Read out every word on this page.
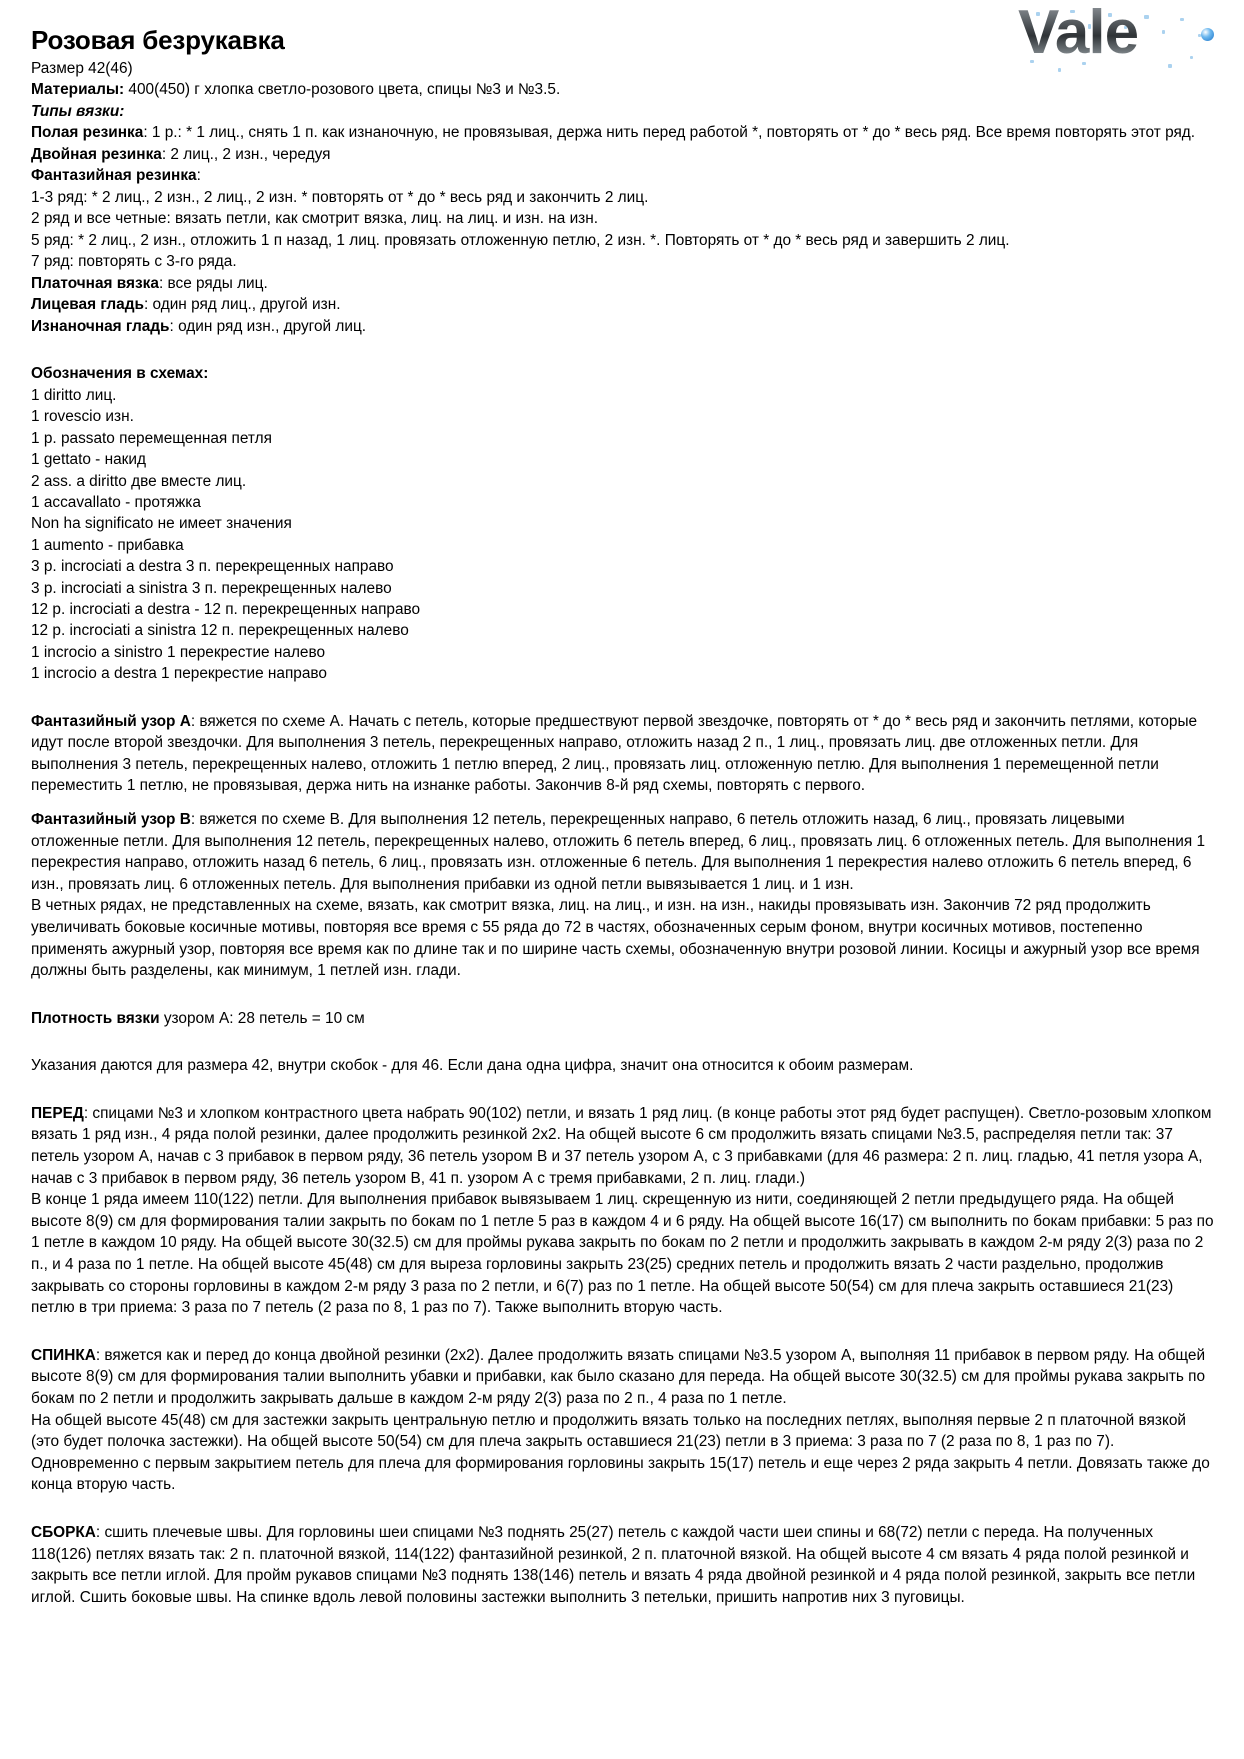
Vale
Розовая безрукавка

Размер 42(46)

Материалы: 400(450) г хлопка светло-розового цвета, спицы №3 и №3.5.

Типы вязки:

Полая резинка: 1 р.: * 1 лиц., снять 1 п. как изнаночную, не провязывая, держа нить перед работой *, повторять от * до * весь ряд. Все время повторять этот ряд.

Двойная резинка: 2 лиц., 2 изн., чередуя

Фантазийная резинка:

1-3 ряд: * 2 лиц., 2 изн., 2 лиц., 2 изн. * повторять от * до * весь ряд и закончить 2 лиц.

2 ряд и все четные: вязать петли, как смотрит вязка, лиц. на лиц. и изн. на изн.

5 ряд: * 2 лиц., 2 изн., отложить 1 п назад, 1 лиц. провязать отложенную петлю, 2 изн. *. Повторять от * до * весь ряд и завершить 2 лиц.

7 ряд: повторять с 3-го ряда.

Платочная вязка: все ряды лиц.

Лицевая гладь: один ряд лиц., другой изн.

Изнаночная гладь: один ряд изн., другой лиц.

Обозначения в схемах:

1 diritto лиц.

1 rovescio изн.

1 p. passato перемещенная петля

1 gettato - накид

2 ass. a diritto две вместе лиц.

1 accavallato - протяжка

Non ha significato не имеет значения

1 aumento - прибавка

3 p. incrociati a destra 3 п. перекрещенных направо

3 p. incrociati a sinistra 3 п. перекрещенных налево

12 p. incrociati a destra - 12 п. перекрещенных направо

12 p. incrociati a sinistra 12 п. перекрещенных налево

1 incrocio a sinistro 1 перекрестие налево

1 incrocio a destra 1 перекрестие направо

Фантазийный узор А: вяжется по схеме А. Начать с петель, которые предшествуют первой звездочке, повторять от * до * весь ряд и закончить петлями, которые идут после второй звездочки. Для выполнения 3 петель, перекрещенных направо, отложить назад 2 п., 1 лиц., провязать лиц. две отложенных петли. Для выполнения 3 петель, перекрещенных налево, отложить 1 петлю вперед, 2 лиц., провязать лиц. отложенную петлю. Для выполнения 1 перемещенной петли переместить 1 петлю, не провязывая, держа нить на изнанке работы. Закончив 8-й ряд схемы, повторять с первого.

Фантазийный узор В: вяжется по схеме В. Для выполнения 12 петель, перекрещенных направо, 6 петель отложить назад, 6 лиц., провязать лицевыми отложенные петли. Для выполнения 12 петель, перекрещенных налево, отложить 6 петель вперед, 6 лиц., провязать лиц. 6 отложенных петель. Для выполнения 1 перекрестия направо, отложить назад 6 петель, 6 лиц., провязать изн. отложенные 6 петель. Для выполнения 1 перекрестия налево отложить 6 петель вперед, 6 изн., провязать лиц. 6 отложенных петель. Для выполнения прибавки из одной петли вывязывается 1 лиц. и 1 изн.

В четных рядах, не представленных на схеме, вязать, как смотрит вязка, лиц. на лиц., и изн. на изн., накиды провязывать изн. Закончив 72 ряд продолжить увеличивать боковые косичные мотивы, повторяя все время с 55 ряда до 72 в частях, обозначенных серым фоном, внутри косичных мотивов, постепенно применять ажурный узор, повторяя все время как по длине так и по ширине часть схемы, обозначенную внутри розовой линии. Косицы и ажурный узор все время должны быть разделены, как минимум, 1 петлей изн. глади.

Плотность вязки узором А: 28 петель = 10 см

Указания даются для размера 42, внутри скобок - для 46. Если дана одна цифра, значит она относится к обоим размерам.

ПЕРЕД: спицами №3 и хлопком контрастного цвета набрать 90(102) петли, и вязать 1 ряд лиц. (в конце работы этот ряд будет распущен). Светло-розовым хлопком вязать 1 ряд изн., 4 ряда полой резинки, далее продолжить резинкой 2х2. На общей высоте 6 см продолжить вязать спицами №3.5, распределяя петли так: 37 петель узором А, начав с 3 прибавок в первом ряду, 36 петель узором В и 37 петель узором А, с 3 прибавками (для 46 размера: 2 п. лиц. гладью, 41 петля узора А, начав с 3 прибавок в первом ряду, 36 петель узором В, 41 п. узором А с тремя прибавками, 2 п. лиц. глади.)

В конце 1 ряда имеем 110(122) петли. Для выполнения прибавок вывязываем 1 лиц. скрещенную из нити, соединяющей 2 петли предыдущего ряда. На общей высоте 8(9) см для формирования талии закрыть по бокам по 1 петле 5 раз в каждом 4 и 6 ряду. На общей высоте 16(17) см выполнить по бокам прибавки: 5 раз по 1 петле в каждом 10 ряду. На общей высоте 30(32.5) см для проймы рукава закрыть по бокам по 2 петли и продолжить закрывать в каждом 2-м ряду 2(3) раза по 2 п., и 4 раза по 1 петле. На общей высоте 45(48) см для выреза горловины закрыть 23(25) средних петель и продолжить вязать 2 части раздельно, продолжив закрывать со стороны горловины в каждом 2-м ряду 3 раза по 2 петли, и 6(7) раз по 1 петле. На общей высоте 50(54) см для плеча закрыть оставшиеся 21(23) петлю в три приема: 3 раза по 7 петель (2 раза по 8, 1 раз по 7). Также выполнить вторую часть.

СПИНКА: вяжется как и перед до конца двойной резинки (2х2). Далее продолжить вязать спицами №3.5 узором А, выполняя 11 прибавок в первом ряду. На общей высоте 8(9) см для формирования талии выполнить убавки и прибавки, как было сказано для переда. На общей высоте 30(32.5) см для проймы рукава закрыть по бокам по 2 петли и продолжить закрывать дальше в каждом 2-м ряду 2(3) раза по 2 п., 4 раза по 1 петле.

На общей высоте 45(48) см для застежки закрыть центральную петлю и продолжить вязать только на последних петлях, выполняя первые 2 п платочной вязкой (это будет полочка застежки). На общей высоте 50(54) см для плеча закрыть оставшиеся 21(23) петли в 3 приема: 3 раза по 7 (2 раза по 8, 1 раз по 7). Одновременно с первым закрытием петель для плеча для формирования горловины закрыть 15(17) петель и еще через 2 ряда закрыть 4 петли. Довязать также до конца вторую часть.

СБОРКА: сшить плечевые швы. Для горловины шеи спицами №3 поднять 25(27) петель с каждой части шеи спины и 68(72) петли с переда. На полученных 118(126) петлях вязать так: 2 п. платочной вязкой, 114(122) фантазийной резинкой, 2 п. платочной вязкой. На общей высоте 4 см вязать 4 ряда полой резинкой и закрыть все петли иглой. Для пройм рукавов спицами №3 поднять 138(146) петель и вязать 4 ряда двойной резинкой и 4 ряда полой резинкой, закрыть все петли иглой. Сшить боковые швы. На спинке вдоль левой половины застежки выполнить 3 петельки, пришить напротив них 3 пуговицы.
